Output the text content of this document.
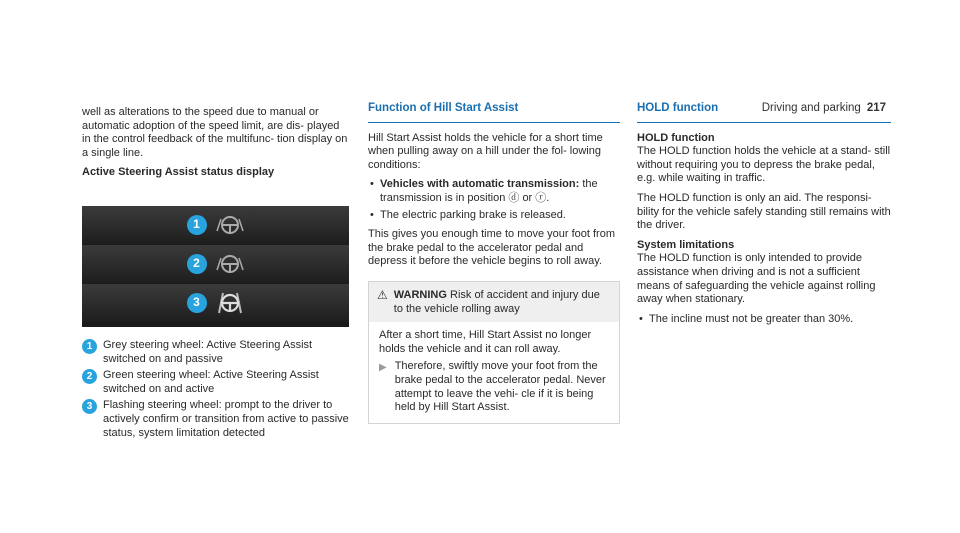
Driving and parking 217

well as alterations to the speed due to manual or automatic adoption of the speed limit, are dis- played in the control feedback of the multifunc- tion display on a single line.

Active Steering Assist status display
1
2
3
1 Grey steering wheel: Active Steering Assist switched on and passive
2 Green steering wheel: Active Steering Assist switched on and active
3 Flashing steering wheel: prompt to the driver to actively confirm or transition from active to passive status, system limitation detected
Function of Hill Start Assist

Hill Start Assist holds the vehicle for a short time when pulling away on a hill under the fol- lowing conditions:

• Vehicles with automatic transmission: the transmission is in position ⓓ or ⓡ.
• The electric parking brake is released.

This gives you enough time to move your foot from the brake pedal to the accelerator pedal and depress it before the vehicle begins to roll away.

⚠ WARNING Risk of accident and injury due to the vehicle rolling away
After a short time, Hill Start Assist no longer holds the vehicle and it can roll away.
▶ Therefore, swiftly move your foot from the brake pedal to the accelerator pedal. Never attempt to leave the vehi- cle if it is being held by Hill Start Assist.
HOLD function
HOLD function

The HOLD function holds the vehicle at a stand- still without requiring you to depress the brake pedal, e.g. while waiting in traffic.

The HOLD function is only an aid. The responsi- bility for the vehicle safely standing still remains with the driver.

System limitations

The HOLD function is only intended to provide assistance when driving and is not a sufficient means of safeguarding the vehicle against rolling away when stationary.

• The incline must not be greater than 30%.
